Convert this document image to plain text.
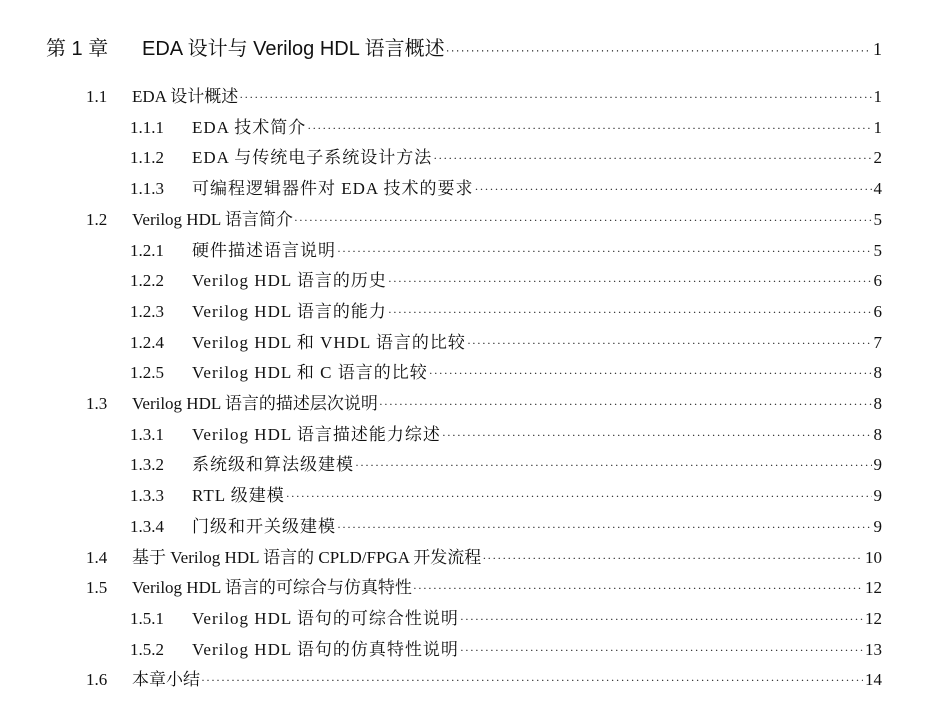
第 1 章	EDA 设计与 Verilog HDL 语言概述 ·····	1
1.1	EDA 设计概述 ·····	1
1.1.1	EDA 技术简介 ·····	1
1.1.2	EDA 与传统电子系统设计方法 ·····	2
1.1.3	可编程逻辑器件对 EDA 技术的要求 ·····	4
1.2	Verilog HDL 语言简介 ·····	5
1.2.1	硬件描述语言说明 ·····	5
1.2.2	Verilog HDL 语言的历史 ·····	6
1.2.3	Verilog HDL 语言的能力 ·····	6
1.2.4	Verilog HDL 和 VHDL 语言的比较 ·····	7
1.2.5	Verilog HDL 和 C 语言的比较 ·····	8
1.3	Verilog HDL 语言的描述层次说明 ·····	8
1.3.1	Verilog HDL 语言描述能力综述 ·····	8
1.3.2	系统级和算法级建模 ·····	9
1.3.3	RTL 级建模 ·····	9
1.3.4	门级和开关级建模 ·····	9
1.4	基于 Verilog HDL 语言的 CPLD/FPGA 开发流程 ·····	10
1.5	Verilog HDL 语言的可综合与仿真特性 ·····	12
1.5.1	Verilog HDL 语句的可综合性说明 ·····	12
1.5.2	Verilog HDL 语句的仿真特性说明 ·····	13
1.6	本章小结 ·····	14
